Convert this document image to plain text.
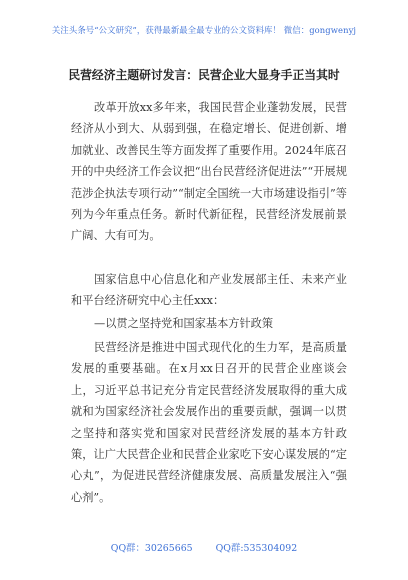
关注头条号“公文研究”，获得最新最全最专业的公文资料库！ 微信：gongwenyj
民营经济主题研讨发言：民营企业大显身手正当其时

改革开放xx多年来，我国民营企业蓬勃发展，民营经济从小到大、从弱到强，在稳定增长、促进创新、增加就业、改善民生等方面发挥了重要作用。2024年底召开的中央经济工作会议把“出台民营经济促进法”“开展规范涉企执法专项行动”“制定全国统一大市场建设指引”等列为今年重点任务。新时代新征程，民营经济发展前景广阔、大有可为。

国家信息中心信息化和产业发展部主任、未来产业和平台经济研究中心主任xxx：

—以贯之坚持党和国家基本方针政策

民营经济是推进中国式现代化的生力军，是高质量发展的重要基础。在x月xx日召开的民营企业座谈会上，习近平总书记充分肯定民营经济发展取得的重大成就和为国家经济社会发展作出的重要贡献，强调一以贯之坚持和落实党和国家对民营经济发展的基本方针政策，让广大民营企业和民营企业家吃下安心谋发展的“定心丸”，为促进民营经济健康发展、高质量发展注入“强心剂”。

QQ群：30265665 QQ群:535304092
